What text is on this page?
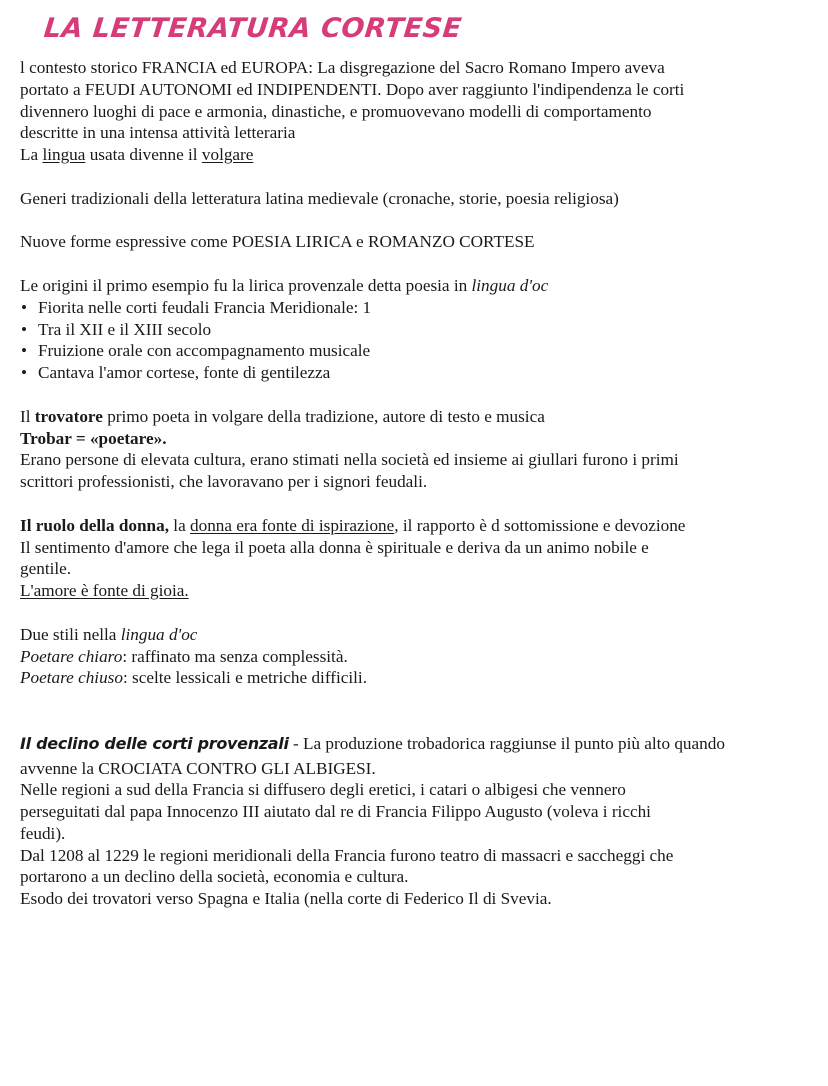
LA LETTERATURA CORTESE
l contesto storico FRANCIA ed EUROPA: La disgregazione del Sacro Romano Impero aveva
portato a FEUDI AUTONOMI ed INDIPENDENTI. Dopo aver raggiunto l'indipendenza le corti
divennero luoghi di pace e armonia, dinastiche, e promuovevano modelli di comportamento
descritte in una intensa attività letteraria
La lingua usata divenne il volgare
Generi tradizionali della letteratura latina medievale (cronache, storie, poesia religiosa)
Nuove forme espressive come POESIA LIRICA e ROMANZO CORTESE
Le origini il primo esempio fu la lirica provenzale detta poesia in lingua d'oc
• Fiorita nelle corti feudali Francia Meridionale: 1
• Tra il XII e il XIII secolo
• Fruizione orale con accompagnamento musicale
• Cantava l'amor cortese, fonte di gentilezza
Il trovatore primo poeta in volgare della tradizione, autore di testo e musica
Trobar = «poetare».
Erano persone di elevata cultura, erano stimati nella società ed insieme ai giullari furono i primi
scrittori professionisti, che lavoravano per i signori feudali.
Il ruolo della donna, la donna era fonte di ispirazione, il rapporto è d sottomissione e devozione
Il sentimento d'amore che lega il poeta alla donna è spirituale e deriva da un animo nobile e
gentile.
L'amore è fonte di gioia.
Due stili nella lingua d'oc
Poetare chiaro: raffinato ma senza complessità.
Poetare chiuso: scelte lessicali e metriche difficili.
Il declino delle corti provenzali - La produzione trobadorica raggiunse il punto più alto quando
avvenne la CROCIATA CONTRO GLI ALBIGESI.
Nelle regioni a sud della Francia si diffusero degli eretici, i catari o albigesi che vennero
perseguitati dal papa Innocenzo III aiutato dal re di Francia Filippo Augusto (voleva i ricchi
feudi).
Dal 1208 al 1229 le regioni meridionali della Francia furono teatro di massacri e saccheggi che
portarono a un declino della società, economia e cultura.
Esodo dei trovatori verso Spagna e Italia (nella corte di Federico Il di Svevia.
